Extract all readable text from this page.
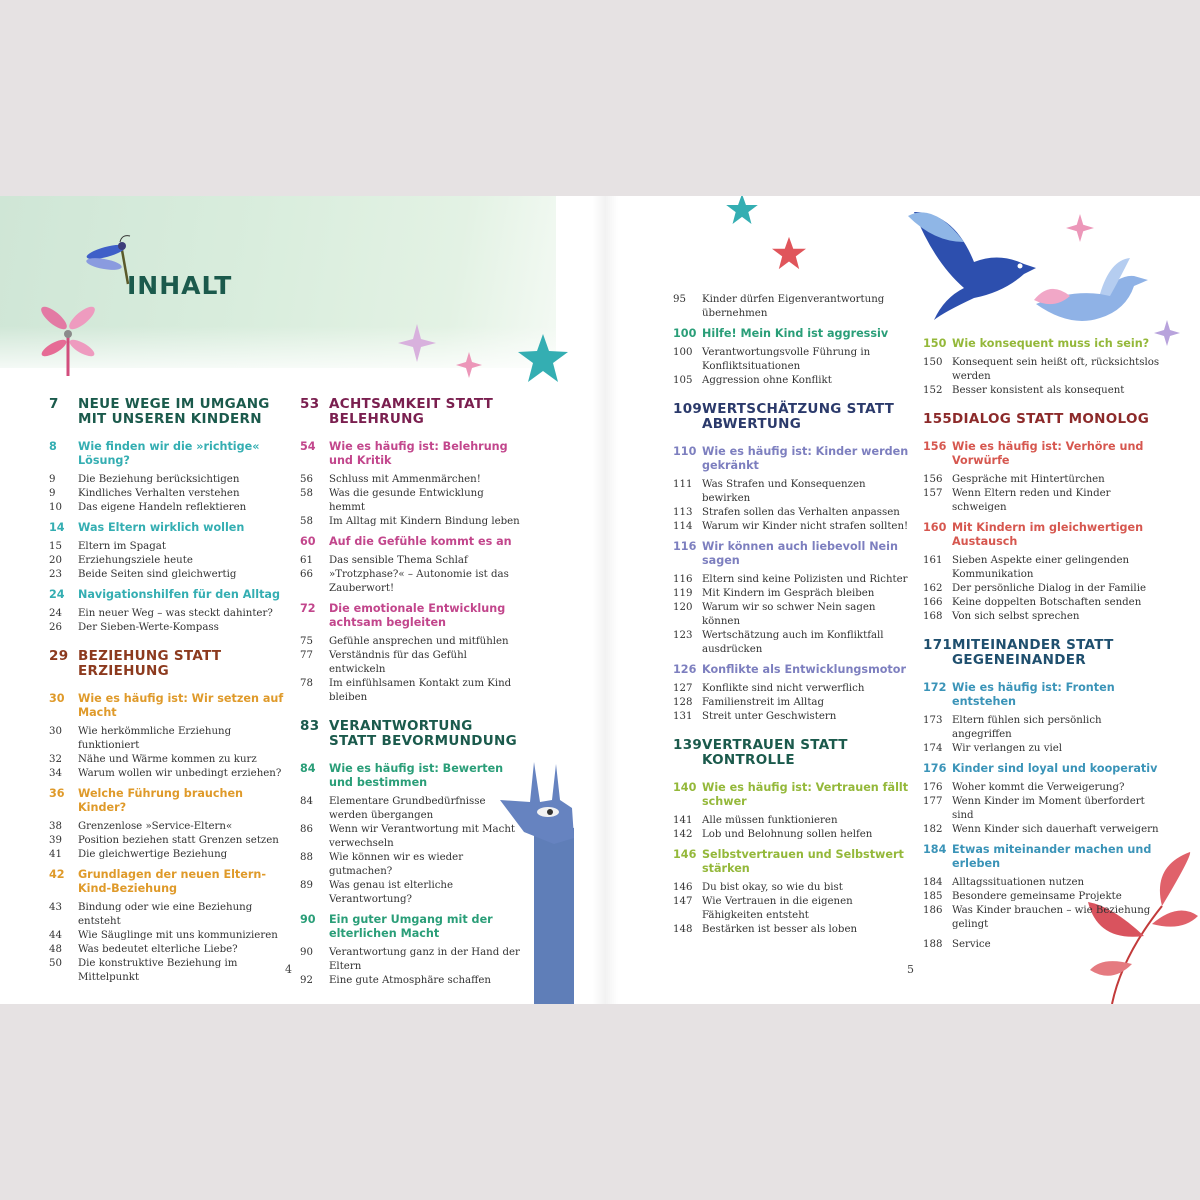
INHALT
7	NEUE WEGE IM UMGANG MIT UNSEREN KINDERN
8	Wie finden wir die »richtige« Lösung?
9	Die Beziehung berücksichtigen
9	Kindliches Verhalten verstehen
10	Das eigene Handeln reflektieren
14	Was Eltern wirklich wollen
15	Eltern im Spagat
20	Erziehungsziele heute
23	Beide Seiten sind gleichwertig
24	Navigationshilfen für den Alltag
24	Ein neuer Weg – was steckt dahinter?
26	Der Sieben-Werte-Kompass
29 BEZIEHUNG STATT ERZIEHUNG
30	Wie es häufig ist: Wir setzen auf Macht
30	Wie herkömmliche Erziehung funktioniert
32	Nähe und Wärme kommen zu kurz
34	Warum wollen wir unbedingt erziehen?
36	Welche Führung brauchen Kinder?
38	Grenzenlose »Service-Eltern«
39	Position beziehen statt Grenzen setzen
41	Die gleichwertige Beziehung
42	Grundlagen der neuen Eltern-Kind-Beziehung
43	Bindung oder wie eine Beziehung entsteht
44	Wie Säuglinge mit uns kommunizieren
48	Was bedeutet elterliche Liebe?
50	Die konstruktive Beziehung im Mittelpunkt
53 ACHTSAMKEIT STATT BELEHRUNG
54	Wie es häufig ist: Belehrung und Kritik
56	Schluss mit Ammenmärchen!
58	Was die gesunde Entwicklung hemmt
58	Im Alltag mit Kindern Bindung leben
60	Auf die Gefühle kommt es an
61	Das sensible Thema Schlaf
66	»Trotzphase?« – Autonomie ist das Zauberwort!
72	Die emotionale Entwicklung achtsam begleiten
75	Gefühle ansprechen und mitfühlen
77	Verständnis für das Gefühl entwickeln
78	Im einfühlsamen Kontakt zum Kind bleiben
83 VERANTWORTUNG STATT BEVORMUNDUNG
84	Wie es häufig ist: Bewerten und bestimmen
84	Elementare Grundbedürfnisse werden übergangen
86	Wenn wir Verantwortung mit Macht verwechseln
88	Wie können wir es wieder gutmachen?
89	Was genau ist elterliche Verantwortung?
90	Ein guter Umgang mit der elterlichen Macht
90	Verantwortung ganz in der Hand der Eltern
92	Eine gute Atmosphäre schaffen
95	Kinder dürfen Eigenverantwortung übernehmen
100 Hilfe! Mein Kind ist aggressiv
100 Verantwortungsvolle Führung in Konfliktsituationen
105 Aggression ohne Konflikt
109 WERTSCHÄTZUNG STATT ABWERTUNG
110 Wie es häufig ist: Kinder werden gekränkt
111 Was Strafen und Konsequenzen bewirken
113 Strafen sollen das Verhalten anpassen
114 Warum wir Kinder nicht strafen sollten!
116 Wir können auch liebevoll Nein sagen
116 Eltern sind keine Polizisten und Richter
119 Mit Kindern im Gespräch bleiben
120 Warum wir so schwer Nein sagen können
123 Wertschätzung auch im Konfliktfall ausdrücken
126 Konflikte als Entwicklungsmotor
127 Konflikte sind nicht verwerflich
128 Familienstreit im Alltag
131 Streit unter Geschwistern
139 VERTRAUEN STATT KONTROLLE
140 Wie es häufig ist: Vertrauen fällt schwer
141 Alle müssen funktionieren
142 Lob und Belohnung sollen helfen
146 Selbstvertrauen und Selbstwert stärken
146 Du bist okay, so wie du bist
147 Wie Vertrauen in die eigenen Fähigkeiten entsteht
148 Bestärken ist besser als loben
150 Wie konsequent muss ich sein?
150 Konsequent sein heißt oft, rücksichtslos werden
152 Besser konsistent als konsequent
155 DIALOG STATT MONOLOG
156 Wie es häufig ist: Verhöre und Vorwürfe
156 Gespräche mit Hintertürchen
157 Wenn Eltern reden und Kinder schweigen
160 Mit Kindern im gleichwertigen Austausch
161 Sieben Aspekte einer gelingenden Kommunikation
162 Der persönliche Dialog in der Familie
166 Keine doppelten Botschaften senden
168 Von sich selbst sprechen
171 MITEINANDER STATT GEGENEINANDER
172 Wie es häufig ist: Fronten entstehen
173 Eltern fühlen sich persönlich angegriffen
174 Wir verlangen zu viel
176 Kinder sind loyal und kooperativ
176 Woher kommt die Verweigerung?
177 Wenn Kinder im Moment überfordert sind
182 Wenn Kinder sich dauerhaft verweigern
184 Etwas miteinander machen und erleben
184 Alltagssituationen nutzen
185 Besondere gemeinsame Projekte
186 Was Kinder brauchen – wie Beziehung gelingt
188 Service
4	5
